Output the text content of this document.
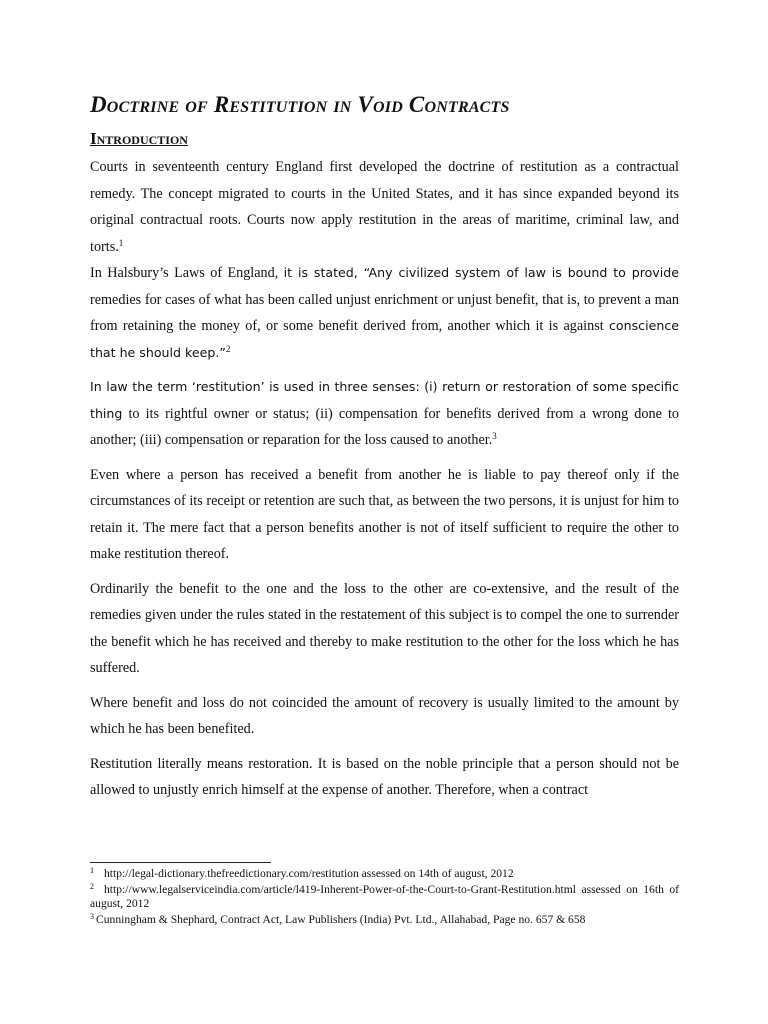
Doctrine of Restitution in Void Contracts
Introduction

Courts in seventeenth century England first developed the doctrine of restitution as a contractual remedy. The concept migrated to courts in the United States, and it has since expanded beyond its original contractual roots. Courts now apply restitution in the areas of maritime, criminal law, and torts.$^1$

In Halsbury’s Laws of England, it is stated, “Any civilized system of law is bound to provide remedies for cases of what has been called unjust enrichment or unjust benefit, that is, to prevent a man from retaining the money of, or some benefit derived from, another which it is against conscience that he should keep.”$^2$

In law the term ‘restitution’ is used in three senses: (i) return or restoration of some specific thing to its rightful owner or status; (ii) compensation for benefits derived from a wrong done to another; (iii) compensation or reparation for the loss caused to another.$^3$

Even where a person has received a benefit from another he is liable to pay thereof only if the circumstances of its receipt or retention are such that, as between the two persons, it is unjust for him to retain it. The mere fact that a person benefits another is not of itself sufficient to require the other to make restitution thereof.

Ordinarily the benefit to the one and the loss to the other are co-extensive, and the result of the remedies given under the rules stated in the restatement of this subject is to compel the one to surrender the benefit which he has received and thereby to make restitution to the other for the loss which he has suffered.

Where benefit and loss do not coincided the amount of recovery is usually limited to the amount by which he has been benefited.

Restitution literally means restoration. It is based on the noble principle that a person should not be allowed to unjustly enrich himself at the expense of another. Therefore, when a contract

1 http://legal-dictionary.thefreedictionary.com/restitution assessed on 14th of august, 2012

2 http://www.legalserviceindia.com/article/l419-Inherent-Power-of-the-Court-to-Grant-Restitution.html assessed on 16th of august, 2012

3 Cunningham & Shephard, Contract Act, Law Publishers (India) Pvt. Ltd., Allahabad, Page no. 657 & 658
